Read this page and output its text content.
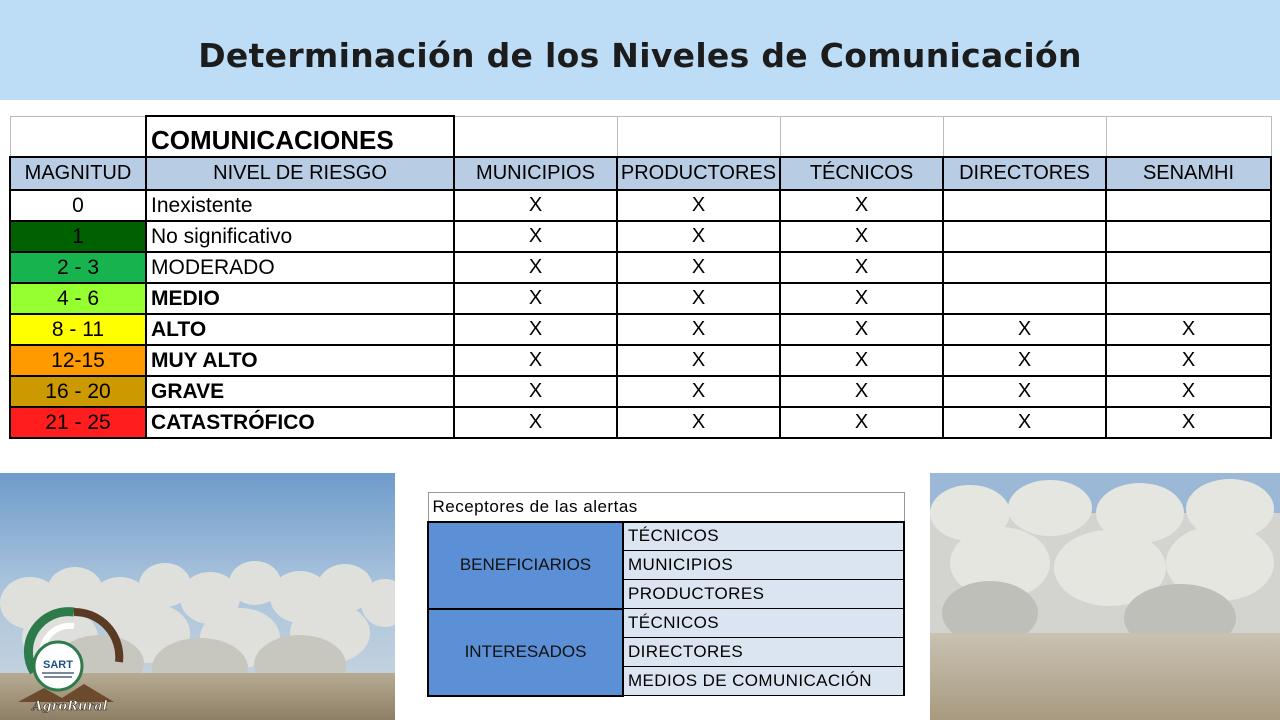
Determinación de los Niveles de Comunicación
	COMUNICACIONES					
MAGNITUD	NIVEL DE RIESGO	MUNICIPIOS	PRODUCTORES	TÉCNICOS	DIRECTORES	SENAMHI
0	Inexistente	X	X	X		
1	No significativo	X	X	X		
2 - 3	MODERADO	X	X	X		
4 - 6	MEDIO	X	X	X		
8 - 11	ALTO	X	X	X	X	X
12-15	MUY ALTO	X	X	X	X	X
16 - 20	GRAVE	X	X	X	X	X
21 - 25	CATASTRÓFICO	X	X	X	X	X
Receptores de las alertas	
BENEFICIARIOS	TÉCNICOS
	MUNICIPIOS
	PRODUCTORES
INTERESADOS	TÉCNICOS
	DIRECTORES
	MEDIOS DE COMUNICACIÓN
SART
AgroRural
